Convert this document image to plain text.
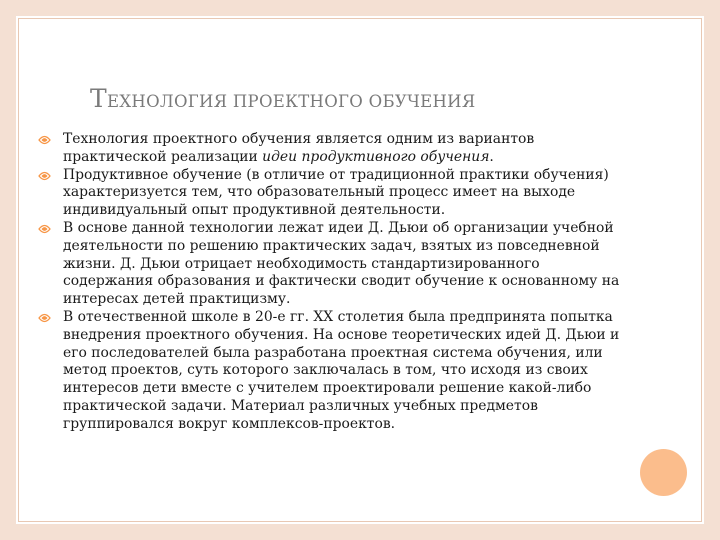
ТЕХНОЛОГИЯ ПРОЕКТНОГО ОБУЧЕНИЯ
Технология проектного обучения является одним из вариантов практической реализации идеи продуктивного обучения.
Продуктивное обучение (в отличие от традиционной практики обучения) характеризуется тем, что образовательный процесс имеет на выходе индивидуальный опыт продуктивной деятельности.
В основе данной технологии лежат идеи Д. Дьюи об организации учебной деятельности по решению практических задач, взятых из повседневной жизни. Д. Дьюи отрицает необходимость стандартизированного содержания образования и фактически сводит обучение к основанному на интересах детей практицизму.
В отечественной школе в 20-е гг. ХХ столетия была предпринята попытка внедрения проектного обучения. На основе теоретических идей Д. Дьюи и его последователей была разработана проектная система обучения, или метод проектов, суть которого заключалась в том, что исходя из своих интересов дети вместе с учителем проектировали решение какой-либо практической задачи. Материал различных учебных предметов группировался вокруг комплексов-проектов.
